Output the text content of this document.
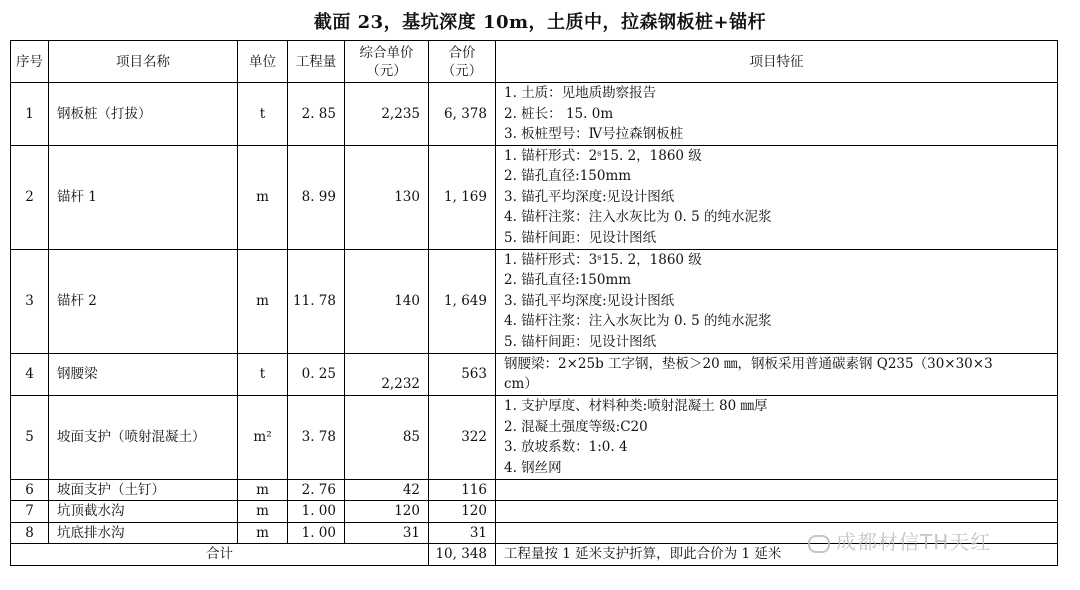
截面 23，基坑深度 10m，土质中，拉森钢板桩+锚杆
序号	项目名称	单位	工程量	综合单价（元）	合价（元）	项目特征
1	钢板桩（打拔）	t	2. 85	2,235	6, 378	1. 土质：见地质勘察报告
2. 桩长： 15. 0m
3. 板桩型号：Ⅳ号拉森钢板桩

2	锚杆 1	m	8. 99	130	1, 169	1. 锚杆形式：2ˢ15. 2，1860 级
2. 锚孔直径:150mm
3. 锚孔平均深度:见设计图纸
4. 锚杆注浆：注入水灰比为 0. 5 的纯水泥浆
5. 锚杆间距：见设计图纸

3	锚杆 2	m	11. 78	140	1, 649	1. 锚杆形式：3ˢ15. 2，1860 级
2. 锚孔直径:150mm
3. 锚孔平均深度:见设计图纸
4. 锚杆注浆：注入水灰比为 0. 5 的纯水泥浆
5. 锚杆间距：见设计图纸

4	钢腰梁	t	0. 25	2,232	563	钢腰梁：2×25b 工字钢，垫板＞20 ㎜，钢板采用普通碳素钢 Q235（30×30×3
cm）

5	坡面支护（喷射混凝土）	m²	3. 78	85	322	1. 支护厚度、材料种类:喷射混凝土 80 ㎜厚
2. 混凝土强度等级:C20
3. 放坡系数：1:0. 4
4. 钢丝网

6	坡面支护（土钉）	m	2. 76	42	116	
7	坑顶截水沟	m	1. 00	120	120	
8	坑底排水沟	m	1. 00	31	31	
合计					10, 348	工程量按 1 延米支护折算，即此合价为 1 延米	成都材信TH天红
